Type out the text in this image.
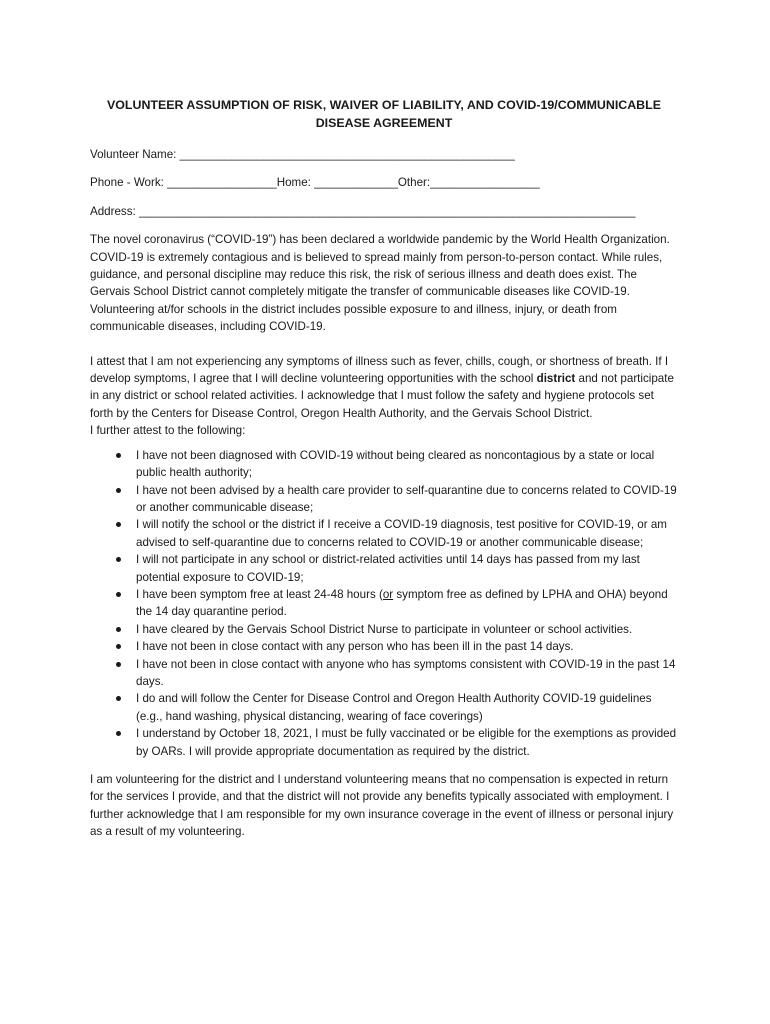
VOLUNTEER ASSUMPTION OF RISK, WAIVER OF LIABILITY, AND COVID-19/COMMUNICABLE
DISEASE AGREEMENT

Volunteer Name: ____________________________________________________

Phone - Work: _________________Home: _____________Other:_________________

Address: _____________________________________________________________________________

The novel coronavirus (“COVID-19”) has been declared a worldwide pandemic by the World Health Organization. COVID-19 is extremely contagious and is believed to spread mainly from person-to-person contact. While rules, guidance, and personal discipline may reduce this risk, the risk of serious illness and death does exist. The Gervais School District cannot completely mitigate the transfer of communicable diseases like COVID-19. Volunteering at/for schools in the district includes possible exposure to and illness, injury, or death from communicable diseases, including COVID-19.

I attest that I am not experiencing any symptoms of illness such as fever, chills, cough, or shortness of breath. If I develop symptoms, I agree that I will decline volunteering opportunities with the school district and not participate in any district or school related activities. I acknowledge that I must follow the safety and hygiene protocols set forth by the Centers for Disease Control, Oregon Health Authority, and the Gervais School District.

I further attest to the following:

I have not been diagnosed with COVID-19 without being cleared as noncontagious by a state or local public health authority;
I have not been advised by a health care provider to self-quarantine due to concerns related to COVID-19 or another communicable disease;
I will notify the school or the district if I receive a COVID-19 diagnosis, test positive for COVID-19, or am advised to self-quarantine due to concerns related to COVID-19 or another communicable disease;
I will not participate in any school or district-related activities until 14 days has passed from my last potential exposure to COVID-19;
I have been symptom free at least 24-48 hours (or symptom free as defined by LPHA and OHA) beyond the 14 day quarantine period.
I have cleared by the Gervais School District Nurse to participate in volunteer or school activities.
I have not been in close contact with any person who has been ill in the past 14 days.
I have not been in close contact with anyone who has symptoms consistent with COVID-19 in the past 14 days.
I do and will follow the Center for Disease Control and Oregon Health Authority COVID-19 guidelines (e.g., hand washing, physical distancing, wearing of face coverings)
I understand by October 18, 2021, I must be fully vaccinated or be eligible for the exemptions as provided by OARs. I will provide appropriate documentation as required by the district.

I am volunteering for the district and I understand volunteering means that no compensation is expected in return for the services I provide, and that the district will not provide any benefits typically associated with employment. I further acknowledge that I am responsible for my own insurance coverage in the event of illness or personal injury as a result of my volunteering.
